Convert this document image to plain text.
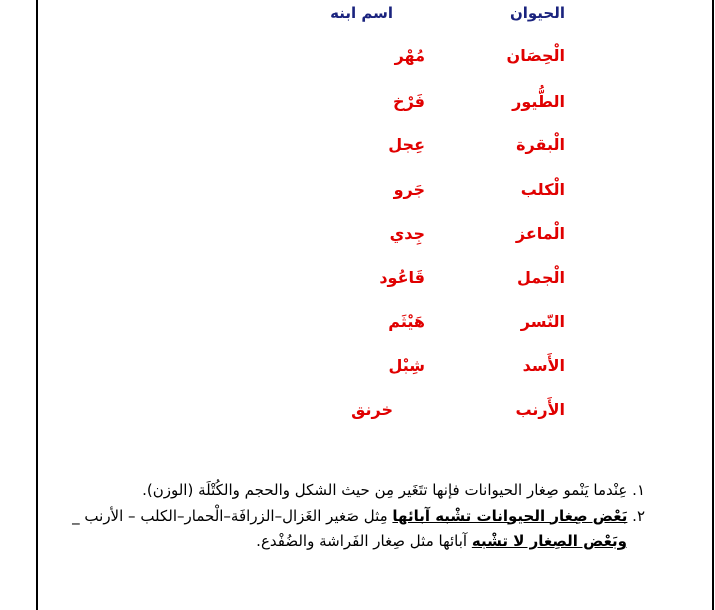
الحيوان
اسم ابنه
الْحِصَان
مُهْر
الطُّيور
فَرْخ
الْبقرة
عِجل
الْكلب
جَرو
الْماعز
جِدي
الْجمل
قَاعُود
النّسر
هَيْثَم
الأَسد
شِبْل
الأَرنب
خرنق
١. عِنْدما يَنْمو صِغار الحيوانات فإنها تتَغَير مِن حيث الشكل والحجم والكُتْلَة (الوزن).
٢. بَعْض صِغار الحيوانات تشْبه آبائها مِثل صَغير الغَزال–الزرافَة–الْحمار–الكلب – الأرنب _
وبَعْض الصِغار لا تشْبه آبائها مثل صِغار الفَراشة والضُفْدع.
